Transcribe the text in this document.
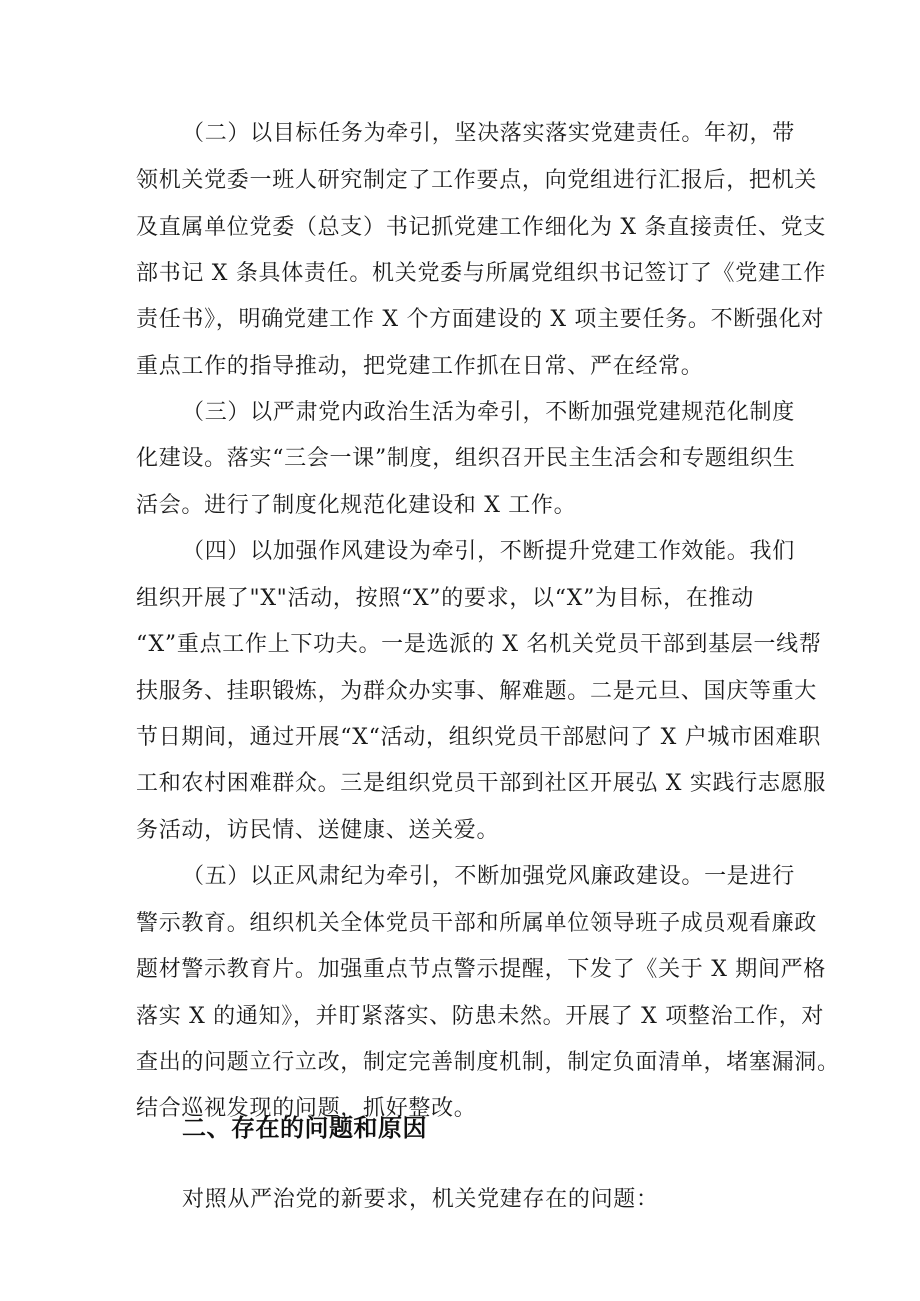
（二）以目标任务为牵引，坚决落实落实党建责任。年初，带

领机关党委一班人研究制定了工作要点，向党组进行汇报后，把机关

及直属单位党委（总支）书记抓党建工作细化为 X 条直接责任、党支

部书记 X 条具体责任。机关党委与所属党组织书记签订了《党建工作

责任书》，明确党建工作 X 个方面建设的 X 项主要任务。不断强化对

重点工作的指导推动，把党建工作抓在日常、严在经常。

（三）以严肃党内政治生活为牵引，不断加强党建规范化制度

化建设。落实“三会一课”制度，组织召开民主生活会和专题组织生

活会。进行了制度化规范化建设和 X 工作。

（四）以加强作风建设为牵引，不断提升党建工作效能。我们

组织开展了"X"活动，按照“X”的要求，以“X”为目标，在推动

“X”重点工作上下功夫。一是选派的 X 名机关党员干部到基层一线帮

扶服务、挂职锻炼，为群众办实事、解难题。二是元旦、国庆等重大

节日期间，通过开展“X“活动，组织党员干部慰问了 X 户城市困难职

工和农村困难群众。三是组织党员干部到社区开展弘 X 实践行志愿服

务活动，访民情、送健康、送关爱。

（五）以正风肃纪为牵引，不断加强党风廉政建设。一是进行

警示教育。组织机关全体党员干部和所属单位领导班子成员观看廉政

题材警示教育片。加强重点节点警示提醒，下发了《关于 X 期间严格

落实 X 的通知》，并盯紧落实、防患未然。开展了 X 项整治工作，对

查出的问题立行立改，制定完善制度机制，制定负面清单，堵塞漏洞。

结合巡视发现的问题，抓好整改。

二、存在的问题和原因

对照从严治党的新要求，机关党建存在的问题：
